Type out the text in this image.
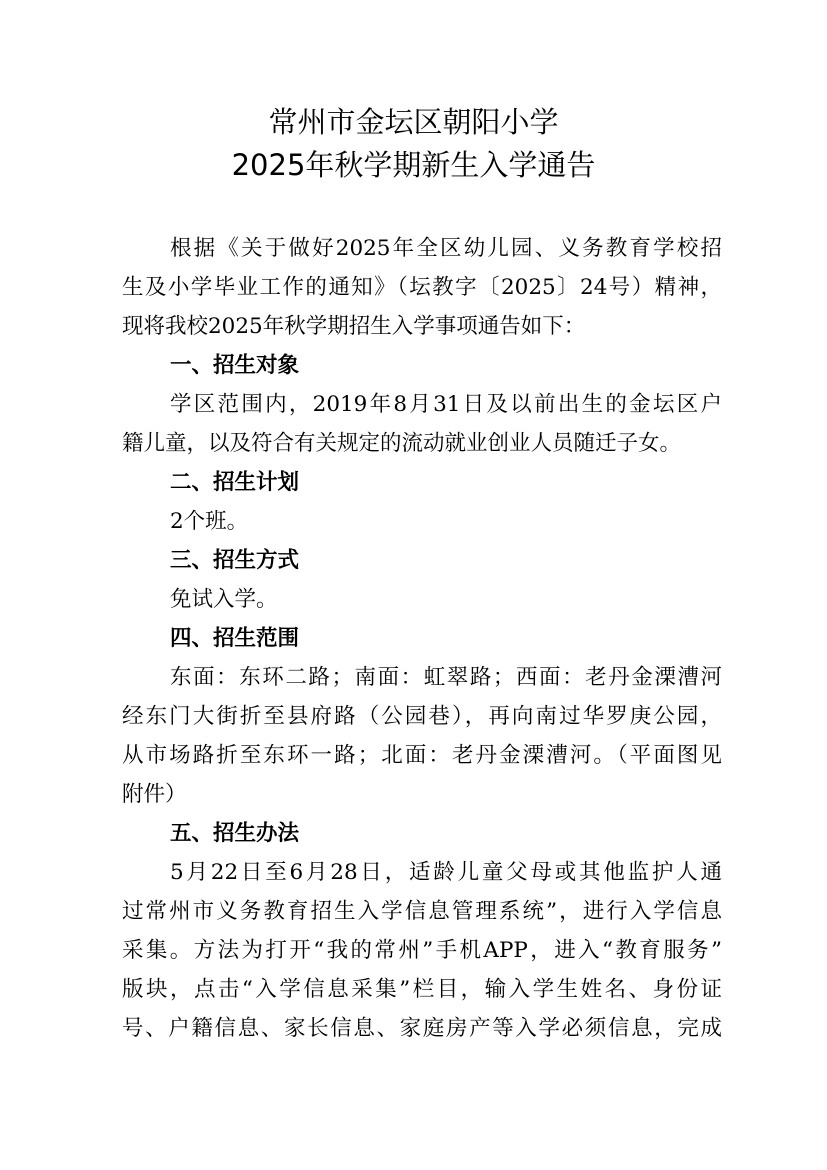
常州市金坛区朝阳小学
2025年秋学期新生入学通告
根据《关于做好2025年全区幼儿园、义务教育学校招
生及小学毕业工作的通知》（坛教字〔2025〕24号）精神，
现将我校2025年秋学期招生入学事项通告如下：
一、招生对象
学区范围内，2019年8月31日及以前出生的金坛区户
籍儿童，以及符合有关规定的流动就业创业人员随迁子女。
二、招生计划
2个班。
三、招生方式
免试入学。
四、招生范围
东面：东环二路；南面：虹翠路；西面：老丹金溧漕河
经东门大街折至县府路（公园巷），再向南过华罗庚公园，
从市场路折至东环一路；北面：老丹金溧漕河。（平面图见
附件）
五、招生办法
5月22日至6月28日，适龄儿童父母或其他监护人通
过常州市义务教育招生入学信息管理系统”，进行入学信息
采集。方法为打开“我的常州”手机APP，进入“教育服务”
版块，点击“入学信息采集”栏目，输入学生姓名、身份证
号、户籍信息、家长信息、家庭房产等入学必须信息，完成
